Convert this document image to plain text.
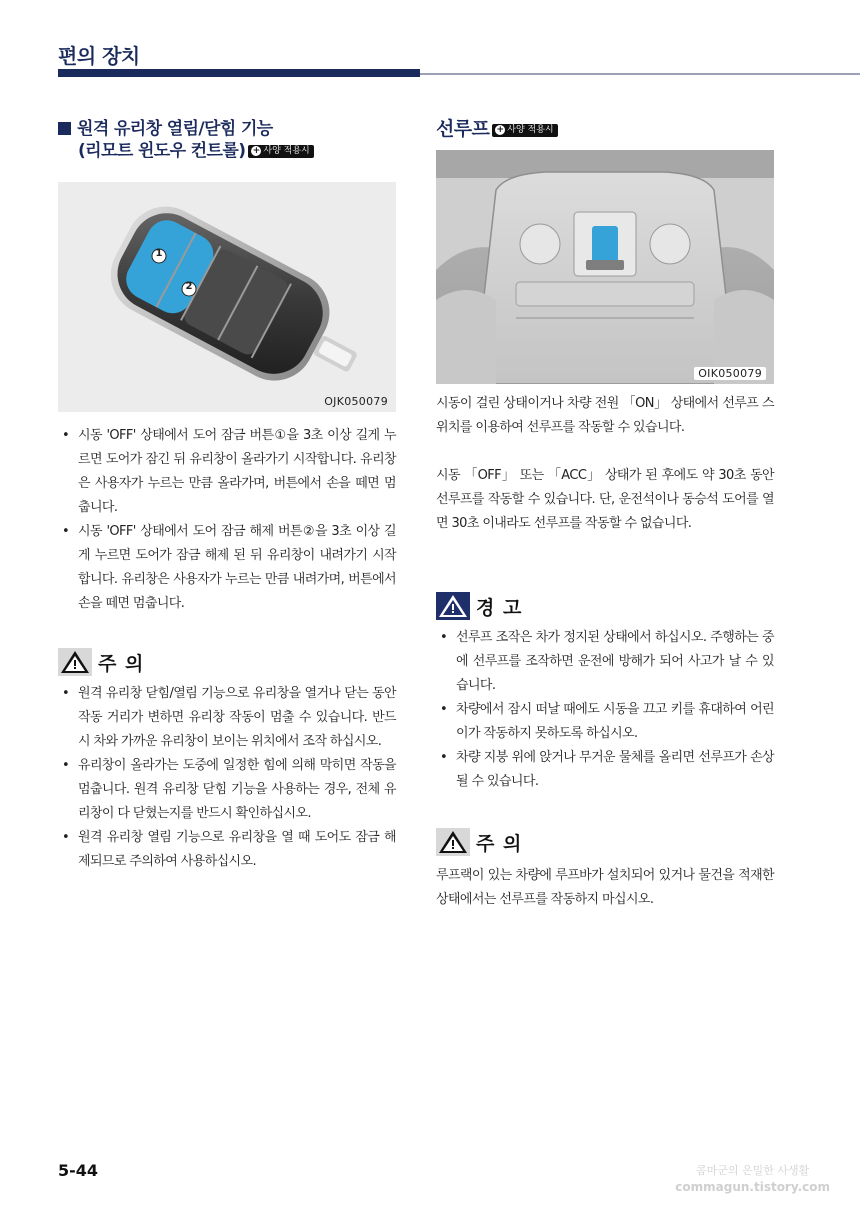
편의 장치
원격 유리창 열림/닫힘 기능
(리모트 윈도우 컨트롤) + 사양 적용시
1
2
OJK050079
• 시동 'OFF' 상태에서 도어 잠금 버튼①을 3초 이상 길게 누르면 도어가 잠긴 뒤 유리창이 올라가기 시작합니다. 유리창은 사용자가 누르는 만큼 올라가며, 버튼에서 손을 떼면 멈춥니다.
• 시동 'OFF' 상태에서 도어 잠금 해제 버튼②을 3초 이상 길게 누르면 도어가 잠금 해제 된 뒤 유리창이 내려가기 시작합니다. 유리창은 사용자가 누르는 만큼 내려가며, 버튼에서 손을 떼면 멈춥니다.
주 의
• 원격 유리창 닫힘/열림 기능으로 유리창을 열거나 닫는 동안 작동 거리가 변하면 유리창 작동이 멈출 수 있습니다. 반드시 차와 가까운 유리창이 보이는 위치에서 조작 하십시오.
• 유리창이 올라가는 도중에 일정한 힘에 의해 막히면 작동을 멈춥니다. 원격 유리창 닫힘 기능을 사용하는 경우, 전체 유리창이 다 닫혔는지를 반드시 확인하십시오.
• 원격 유리창 열림 기능으로 유리창을 열 때 도어도 잠금 해제되므로 주의하여 사용하십시오.
선루프 + 사양 적용시
OIK050079
시동이 걸린 상태이거나 차량 전원 「ON」 상태에서 선루프 스위치를 이용하여 선루프를 작동할 수 있습니다.
시동 「OFF」 또는 「ACC」 상태가 된 후에도 약 30초 동안 선루프를 작동할 수 있습니다. 단, 운전석이나 동승석 도어를 열면 30초 이내라도 선루프를 작동할 수 없습니다.
경 고
• 선루프 조작은 차가 정지된 상태에서 하십시오. 주행하는 중에 선루프를 조작하면 운전에 방해가 되어 사고가 날 수 있습니다.
• 차량에서 잠시 떠날 때에도 시동을 끄고 키를 휴대하여 어린이가 작동하지 못하도록 하십시오.
• 차량 지붕 위에 앉거나 무거운 물체를 올리면 선루프가 손상될 수 있습니다.
주 의
루프랙이 있는 차량에 루프바가 설치되어 있거나 물건을 적재한 상태에서는 선루프를 작동하지 마십시오.
5-44	콤마군의 은밀한 사생활
commagun.tistory.com
